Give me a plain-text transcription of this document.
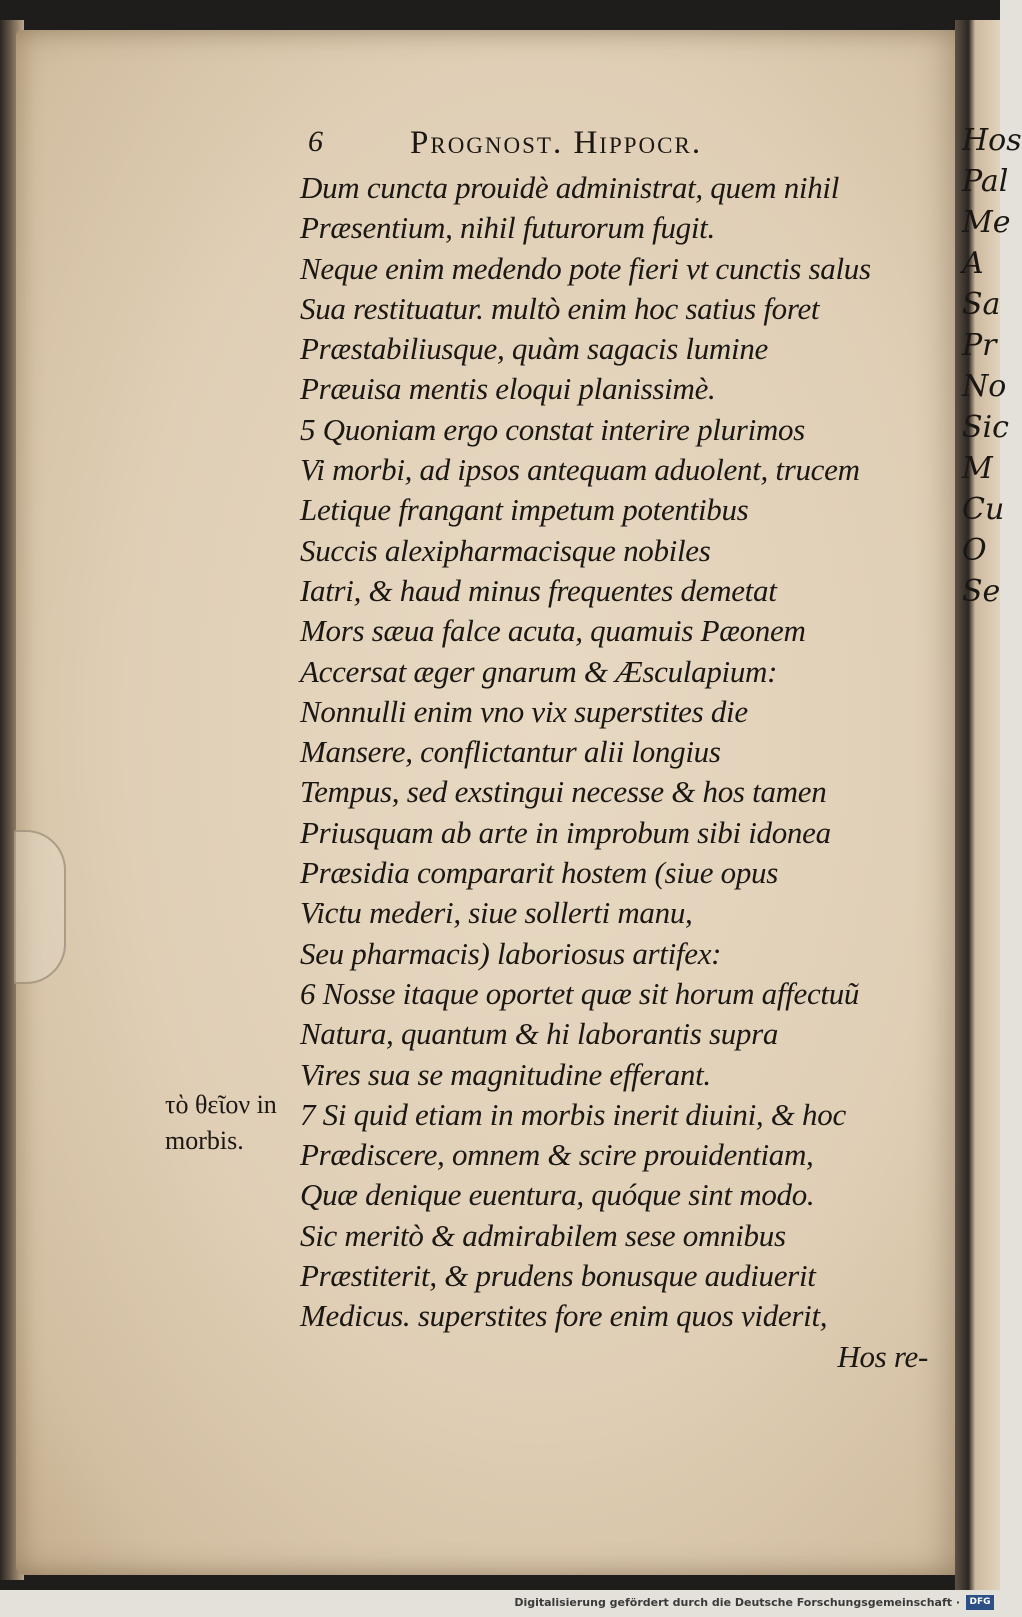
Hos
Pal
Me
A
Sa
Pr
No
Sic
M
Cu
O
Se
6	Prognost. Hippocr.
Dum cuncta prouidè administrat, quem nihil
Præsentium, nihil futurorum fugit.
Neque enim medendo pote fieri vt cunctis salus
Sua restituatur. multò enim hoc satius foret
Præstabiliusque, quàm sagacis lumine
Præuisa mentis eloqui planissimè.
5 Quoniam ergo constat interire plurimos
Vi morbi, ad ipsos antequam aduolent, trucem
Letique frangant impetum potentibus
Succis alexipharmacisque nobiles
Iatri, & haud minus frequentes demetat
Mors sæua falce acuta, quamuis Pæonem
Accersat æger gnarum & Æsculapium:
Nonnulli enim vno vix superstites die
Mansere, conflictantur alii longius
Tempus, sed exstingui necesse & hos tamen
Priusquam ab arte in improbum sibi idonea
Præsidia compararit hostem (siue opus
Victu mederi, siue sollerti manu,
Seu pharmacis) laboriosus artifex:
6 Nosse itaque oportet quæ sit horum affectuũ
Natura, quantum & hi laborantis supra
Vires sua se magnitudine efferant.
7 Si quid etiam in morbis inerit diuini, & hoc
Prædiscere, omnem & scire prouidentiam,
Quæ denique euentura, quóque sint modo.
Sic meritò & admirabilem sese omnibus
Præstiterit, & prudens bonusque audiuerit
Medicus. superstites fore enim quos viderit,
Hos re-
τὸ θεῖον in
morbis.
Digitalisierung gefördert durch die Deutsche Forschungsgemeinschaft ·	DFG
